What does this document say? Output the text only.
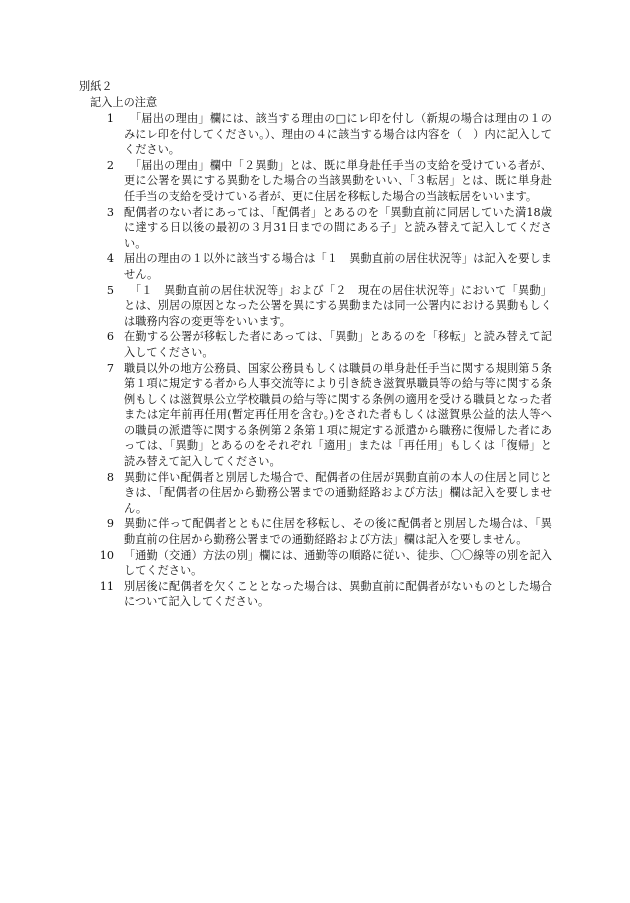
別紙２
記入上の注意
1 　「届出の理由」欄には、該当する理由の□にレ印を付し（新規の場合は理由の１のみにレ印を付してください。）、理由の４に該当する場合は内容を（　）内に記入してください。
2 　「届出の理由」欄中「２異動」とは、既に単身赴任手当の支給を受けている者が、更に公署を異にする異動をした場合の当該異動をいい、「３転居」とは、既に単身赴任手当の支給を受けている者が、更に住居を移転した場合の当該転居をいいます。
3 配偶者のない者にあっては、「配偶者」とあるのを「異動直前に同居していた満18歳に達する日以後の最初の３月31日までの間にある子」と読み替えて記入してください。
4 届出の理由の１以外に該当する場合は「１　異動直前の居住状況等」は記入を要しません。
5 　「１　異動直前の居住状況等」および「２　現在の居住状況等」において「異動」とは、別居の原因となった公署を異にする異動または同一公署内における異動もしくは職務内容の変更等をいいます。
6 在勤する公署が移転した者にあっては、「異動」とあるのを「移転」と読み替えて記入してください。
7 職員以外の地方公務員、国家公務員もしくは職員の単身赴任手当に関する規則第５条第１項に規定する者から人事交流等により引き続き滋賀県職員等の給与等に関する条例もしくは滋賀県公立学校職員の給与等に関する条例の適用を受ける職員となった者または定年前再任用(暫定再任用を含む。)をされた者もしくは滋賀県公益的法人等への職員の派遣等に関する条例第２条第１項に規定する派遣から職務に復帰した者にあっては、「異動」とあるのをそれぞれ「適用」または「再任用」もしくは「復帰」と読み替えて記入してください。
8 異動に伴い配偶者と別居した場合で、配偶者の住居が異動直前の本人の住居と同じときは、「配偶者の住居から勤務公署までの通勤経路および方法」欄は記入を要しません。
9 異動に伴って配偶者とともに住居を移転し、その後に配偶者と別居した場合は、「異動直前の住居から勤務公署までの通勤経路および方法」欄は記入を要しません。
10 「通勤（交通）方法の別」欄には、通勤等の順路に従い、徒歩、〇〇線等の別を記入してください。
11 別居後に配偶者を欠くこととなった場合は、異動直前に配偶者がないものとした場合について記入してください。
